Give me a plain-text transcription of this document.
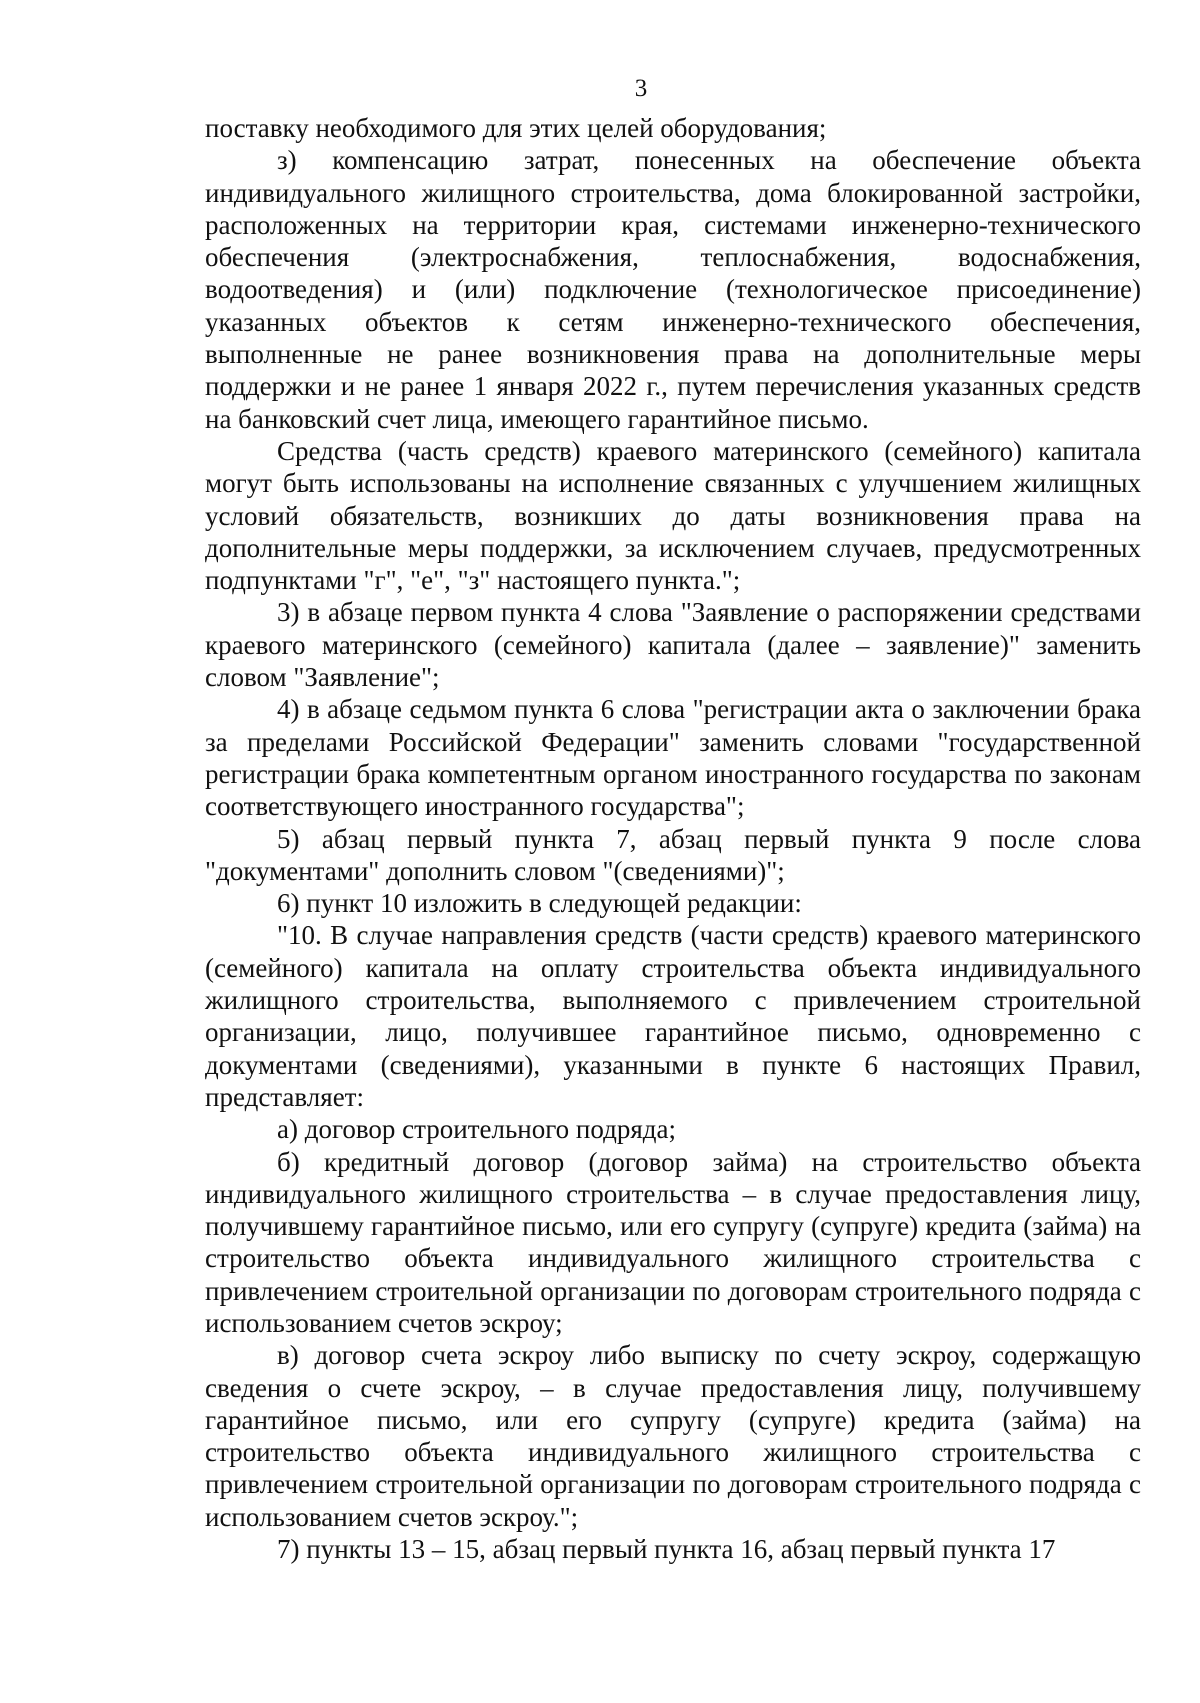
3

поставку необходимого для этих целей оборудования;

з) компенсацию затрат, понесенных на обеспечение объекта индивидуального жилищного строительства, дома блокированной застройки, расположенных на территории края, системами инженерно-технического обеспечения (электроснабжения, теплоснабжения, водоснабжения, водоотведения) и (или) подключение (технологическое присоединение) указанных объектов к сетям инженерно-технического обеспечения, выполненные не ранее возникновения права на дополнительные меры поддержки и не ранее 1 января 2022 г., путем перечисления указанных средств на банковский счет лица, имеющего гарантийное письмо.

Средства (часть средств) краевого материнского (семейного) капитала могут быть использованы на исполнение связанных с улучшением жилищных условий обязательств, возникших до даты возникновения права на дополнительные меры поддержки, за исключением случаев, предусмотренных подпунктами "г", "е", "з" настоящего пункта.";

3) в абзаце первом пункта 4 слова "Заявление о распоряжении средствами краевого материнского (семейного) капитала (далее – заявление)" заменить словом "Заявление";

4) в абзаце седьмом пункта 6 слова "регистрации акта о заключении брака за пределами Российской Федерации" заменить словами "государственной регистрации брака компетентным органом иностранного государства по законам соответствующего иностранного государства";

5) абзац первый пункта 7, абзац первый пункта 9 после слова "документами" дополнить словом "(сведениями)";

6) пункт 10 изложить в следующей редакции:

"10. В случае направления средств (части средств) краевого материнского (семейного) капитала на оплату строительства объекта индивидуального жилищного строительства, выполняемого с привлечением строительной организации, лицо, получившее гарантийное письмо, одновременно с документами (сведениями), указанными в пункте 6 настоящих Правил, представляет:

а) договор строительного подряда;

б) кредитный договор (договор займа) на строительство объекта индивидуального жилищного строительства – в случае предоставления лицу, получившему гарантийное письмо, или его супругу (супруге) кредита (займа) на строительство объекта индивидуального жилищного строительства с привлечением строительной организации по договорам строительного подряда с использованием счетов эскроу;

в) договор счета эскроу либо выписку по счету эскроу, содержащую сведения о счете эскроу, – в случае предоставления лицу, получившему гарантийное письмо, или его супругу (супруге) кредита (займа) на строительство объекта индивидуального жилищного строительства с привлечением строительной организации по договорам строительного подряда с использованием счетов эскроу.";

7) пункты 13 – 15, абзац первый пункта 16, абзац первый пункта 17
